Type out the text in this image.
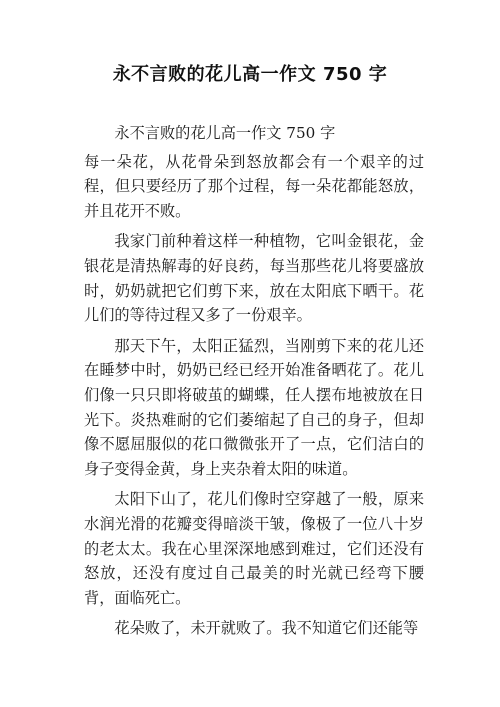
永不言败的花儿高一作文 750 字

永不言败的花儿高一作文 750 字

每一朵花，从花骨朵到怒放都会有一个艰辛的过程，但只要经历了那个过程，每一朵花都能怒放，并且花开不败。

我家门前种着这样一种植物，它叫金银花，金银花是清热解毒的好良药，每当那些花儿将要盛放时，奶奶就把它们剪下来，放在太阳底下晒干。花儿们的等待过程又多了一份艰辛。

那天下午，太阳正猛烈，当刚剪下来的花儿还在睡梦中时，奶奶已经已经开始准备晒花了。花儿们像一只只即将破茧的蝴蝶，任人摆布地被放在日光下。炎热难耐的它们萎缩起了自己的身子，但却像不愿屈服似的花口微微张开了一点，它们洁白的身子变得金黄，身上夹杂着太阳的味道。

太阳下山了，花儿们像时空穿越了一般，原来水润光滑的花瓣变得暗淡干皱，像极了一位八十岁的老太太。我在心里深深地感到难过，它们还没有怒放，还没有度过自己最美的时光就已经弯下腰背，面临死亡。

花朵败了，未开就败了。我不知道它们还能等
